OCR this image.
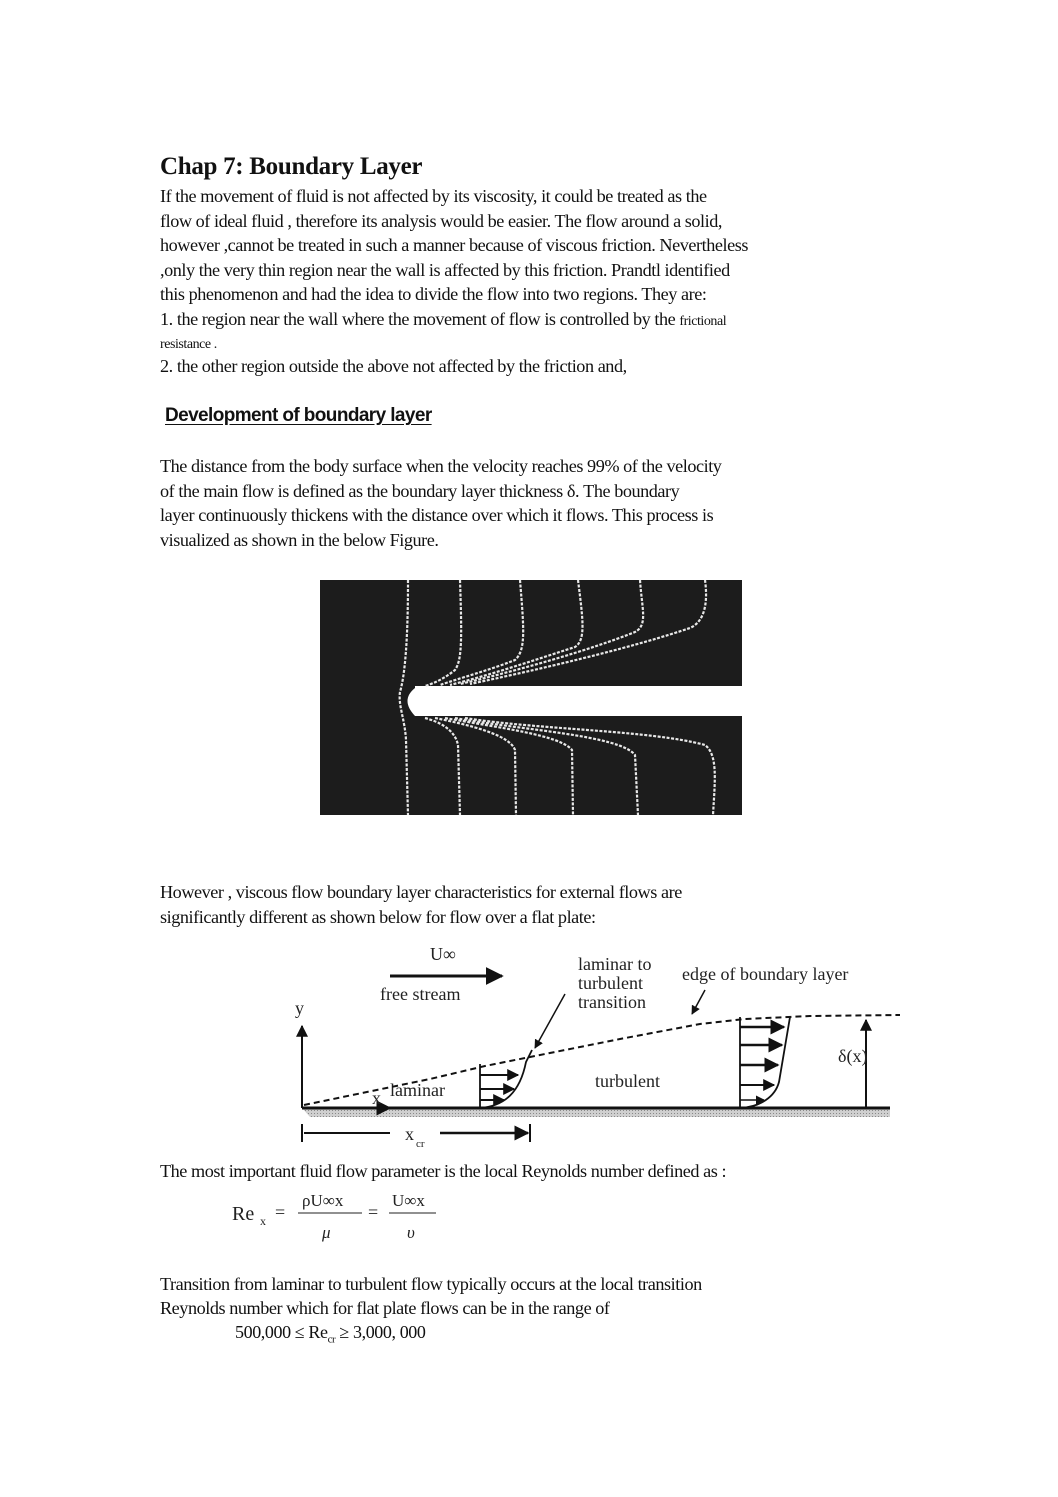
Chap 7: Boundary Layer
If the movement of fluid is not affected by its viscosity, it could be treated as the
flow of ideal fluid , therefore its analysis would be easier. The flow around a solid,
however ,cannot be treated in such a manner because of viscous friction. Nevertheless
,only the very thin region near the wall is affected by this friction. Prandtl identified
this phenomenon and had the idea to divide the flow into two regions. They are:
1. the region near the wall where the movement of flow is controlled by the frictional
resistance .
2. the other region outside the above not affected by the friction and,
Development of boundary layer
The distance from the body surface when the velocity reaches 99% of the velocity
of the main flow is defined as the boundary layer thickness δ. The boundary
layer continuously thickens with the distance over which it flows. This process is
visualized as shown in the below Figure.
However , viscous flow boundary layer characteristics for external flows are
significantly different as shown below for flow over a flat plate:
U∞
free stream
y
x laminar
laminar to
turbulent
transition
edge of boundary layer
turbulent
δ(x)
x cr
The most important fluid flow parameter is the local Reynolds number defined as :
Re x =
ρU∞x
μ
=
U∞x
υ
Transition from laminar to turbulent flow typically occurs at the local transition
Reynolds number which for flat plate flows can be in the range of
$500,000 \le Re_{cr} \ge 3,000$, 000
